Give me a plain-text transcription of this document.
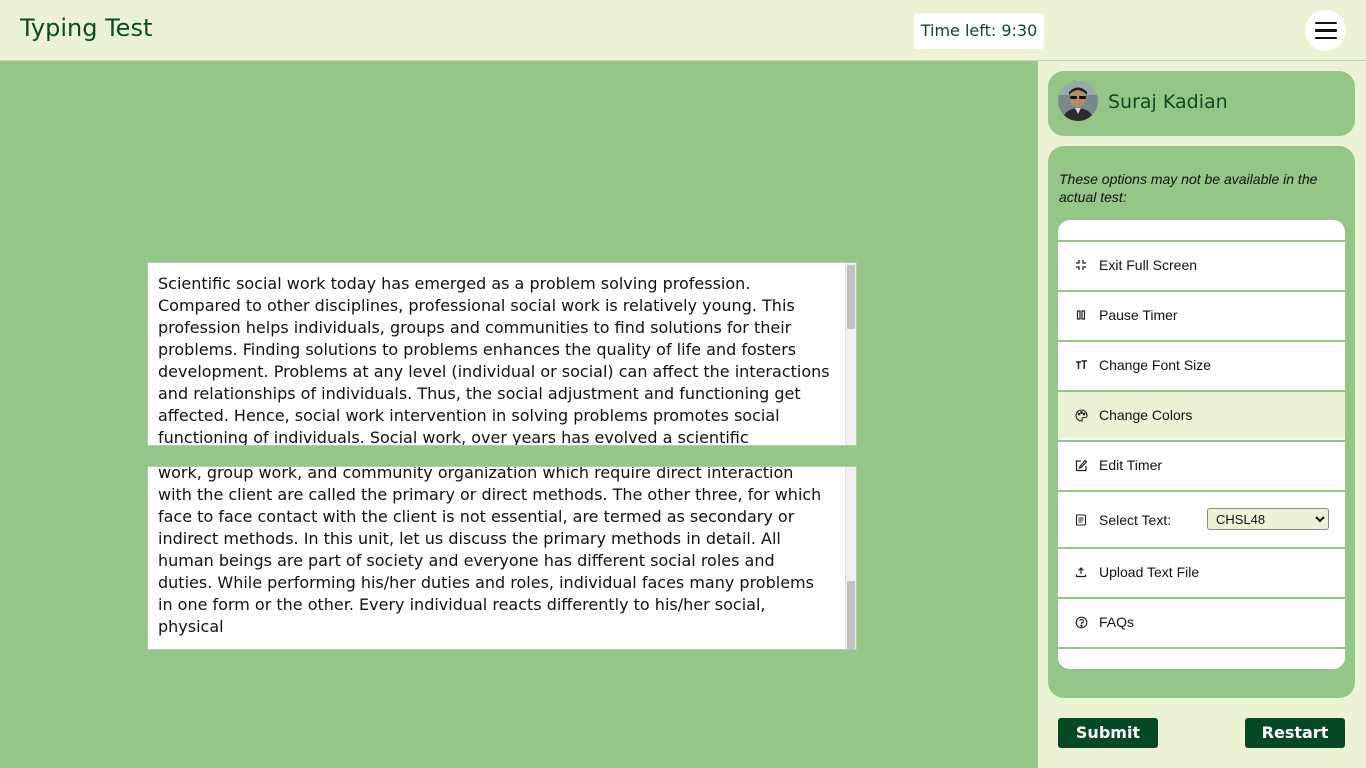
Typing Test	Time left: 9:30
Scientific social work today has emerged as a problem solving profession. Compared to other disciplines, professional social work is relatively young. This profession helps individuals, groups and communities to find solutions for their problems. Finding solutions to problems enhances the quality of life and fosters development. Problems at any level (individual or social) can affect the interactions and relationships of individuals. Thus, the social adjustment and functioning get affected. Hence, social work intervention in solving problems promotes social functioning of individuals. Social work, over years has evolved a scientific
work, group work, and community organization which require direct interaction with the client are called the primary or direct methods. The other three, for which face to face contact with the client is not essential, are termed as secondary or indirect methods. In this unit, let us discuss the primary methods in detail. All human beings are part of society and everyone has different social roles and duties. While performing his/her duties and roles, individual faces many problems in one form or the other. Every individual reacts differently to his/her social, physical
Suraj Kadian
These options may not be available in the actual test:
Exit Full Screen
Pause Timer
Change Font Size
Change Colors
Edit Timer
Select Text:
CHSL48
Upload Text File
FAQs
Submit	Restart
